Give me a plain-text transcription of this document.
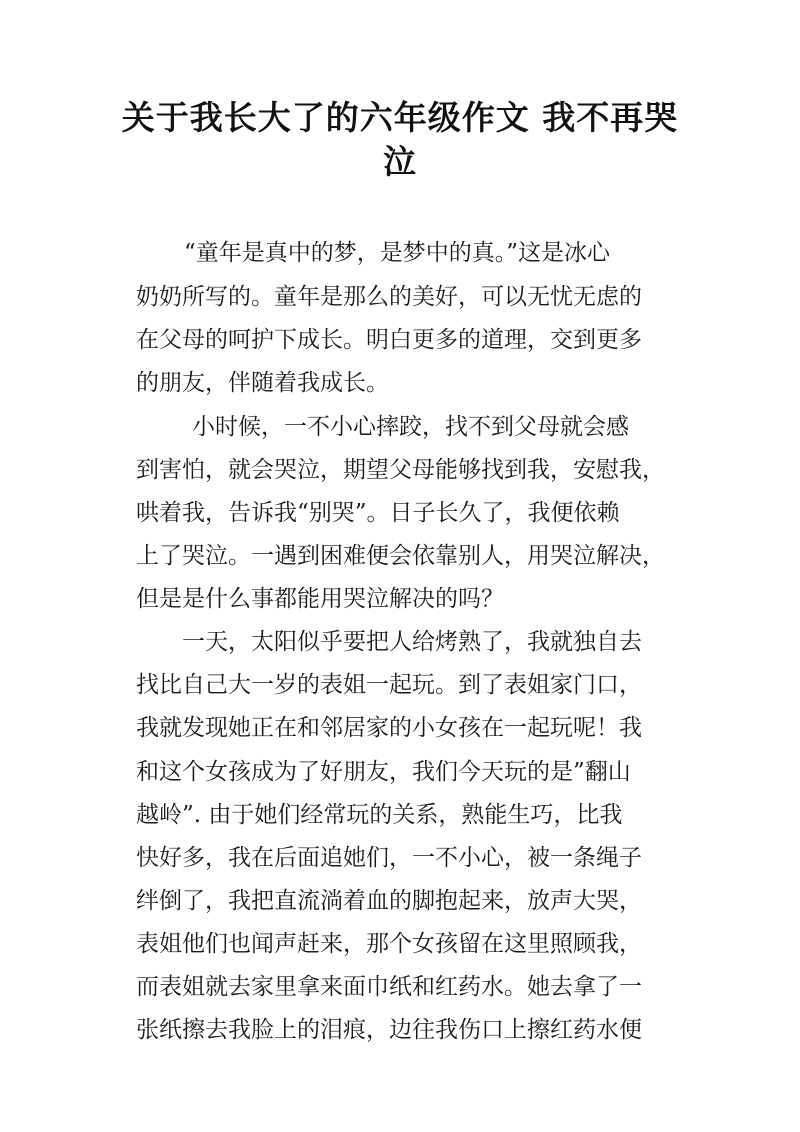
关于我长大了的六年级作文 我不再哭
泣
“童年是真中的梦，是梦中的真。”这是冰心
奶奶所写的。童年是那么的美好，可以无忧无虑的
在父母的呵护下成长。明白更多的道理，交到更多
的朋友，伴随着我成长。
小时候，一不小心摔跤，找不到父母就会感
到害怕，就会哭泣，期望父母能够找到我，安慰我，
哄着我，告诉我“别哭”。日子长久了，我便依赖
上了哭泣。一遇到困难便会依靠别人，用哭泣解决，
但是是什么事都能用哭泣解决的吗？
一天，太阳似乎要把人给烤熟了，我就独自去
找比自己大一岁的表姐一起玩。到了表姐家门口，
我就发现她正在和邻居家的小女孩在一起玩呢！我
和这个女孩成为了好朋友，我们今天玩的是”翻山
越岭”. 由于她们经常玩的关系，熟能生巧，比我
快好多，我在后面追她们，一不小心，被一条绳子
绊倒了，我把直流淌着血的脚抱起来，放声大哭，
表姐他们也闻声赶来，那个女孩留在这里照顾我，
而表姐就去家里拿来面巾纸和红药水。她去拿了一
张纸擦去我脸上的泪痕，边往我伤口上擦红药水便
